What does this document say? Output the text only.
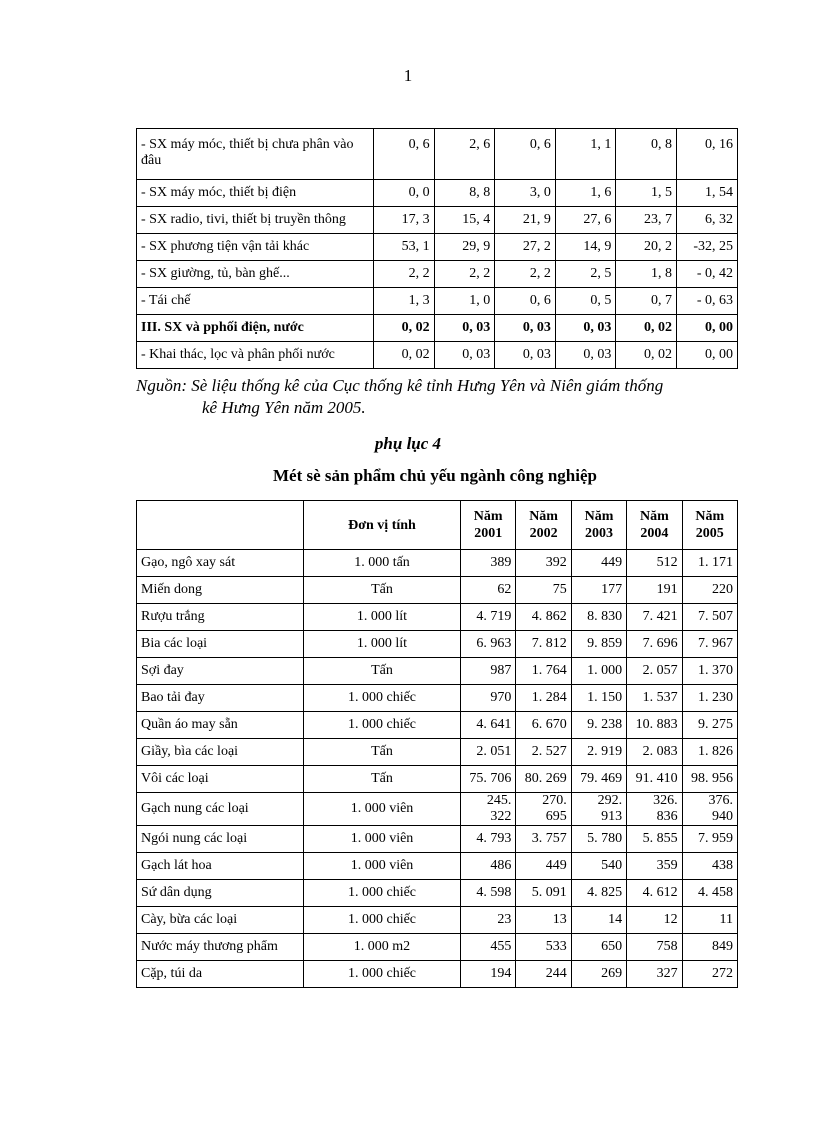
1
- SX máy móc, thiết bị chưa phân vào đâu	0, 6	2, 6	0, 6	1, 1	0, 8	0, 16
- SX máy móc, thiết bị điện	0, 0	8, 8	3, 0	1, 6	1, 5	1, 54
- SX radio, tivi, thiết bị truyền thông	17, 3	15, 4	21, 9	27, 6	23, 7	6, 32
- SX phương tiện vận tải khác	53, 1	29, 9	27, 2	14, 9	20, 2	-32, 25
- SX giường, tủ, bàn ghế...	2, 2	2, 2	2, 2	2, 5	1, 8	- 0, 42
- Tái chế	1, 3	1, 0	0, 6	0, 5	0, 7	- 0, 63
III. SX và pphối điện, nước	0, 02	0, 03	0, 03	0, 03	0, 02	0, 00
- Khai thác, lọc và phân phối nước	0, 02	0, 03	0, 03	0, 03	0, 02	0, 00
Nguồn: Sè liệu thống kê của Cục thống kê tỉnh Hưng Yên và Niên giám thống
kê Hưng Yên năm 2005.
phụ lục 4
Mét sè sản phẩm chủ yếu ngành công nghiệp
	Đơn vị tính	Năm 2001	Năm 2002	Năm 2003	Năm 2004	Năm 2005
Gạo, ngô xay sát	1. 000 tấn	389	392	449	512	1. 171
Miến dong	Tấn	62	75	177	191	220
Rượu trắng	1. 000 lít	4. 719	4. 862	8. 830	7. 421	7. 507
Bia các loại	1. 000 lít	6. 963	7. 812	9. 859	7. 696	7. 967
Sợi đay	Tấn	987	1. 764	1. 000	2. 057	1. 370
Bao tải đay	1. 000 chiếc	970	1. 284	1. 150	1. 537	1. 230
Quần áo may sẵn	1. 000 chiếc	4. 641	6. 670	9. 238	10. 883	9. 275
Giầy, bìa các loại	Tấn	2. 051	2. 527	2. 919	2. 083	1. 826
Vôi các loại	Tấn	75. 706	80. 269	79. 469	91. 410	98. 956
Gạch nung các loại	1. 000 viên	245. 322	270. 695	292. 913	326. 836	376. 940
Ngói nung các loại	1. 000 viên	4. 793	3. 757	5. 780	5. 855	7. 959
Gạch lát hoa	1. 000 viên	486	449	540	359	438
Sứ dân dụng	1. 000 chiếc	4. 598	5. 091	4. 825	4. 612	4. 458
Cày, bừa các loại	1. 000 chiếc	23	13	14	12	11
Nước máy thương phẩm	1. 000 m2	455	533	650	758	849
Cặp, túi da	1. 000 chiếc	194	244	269	327	272
